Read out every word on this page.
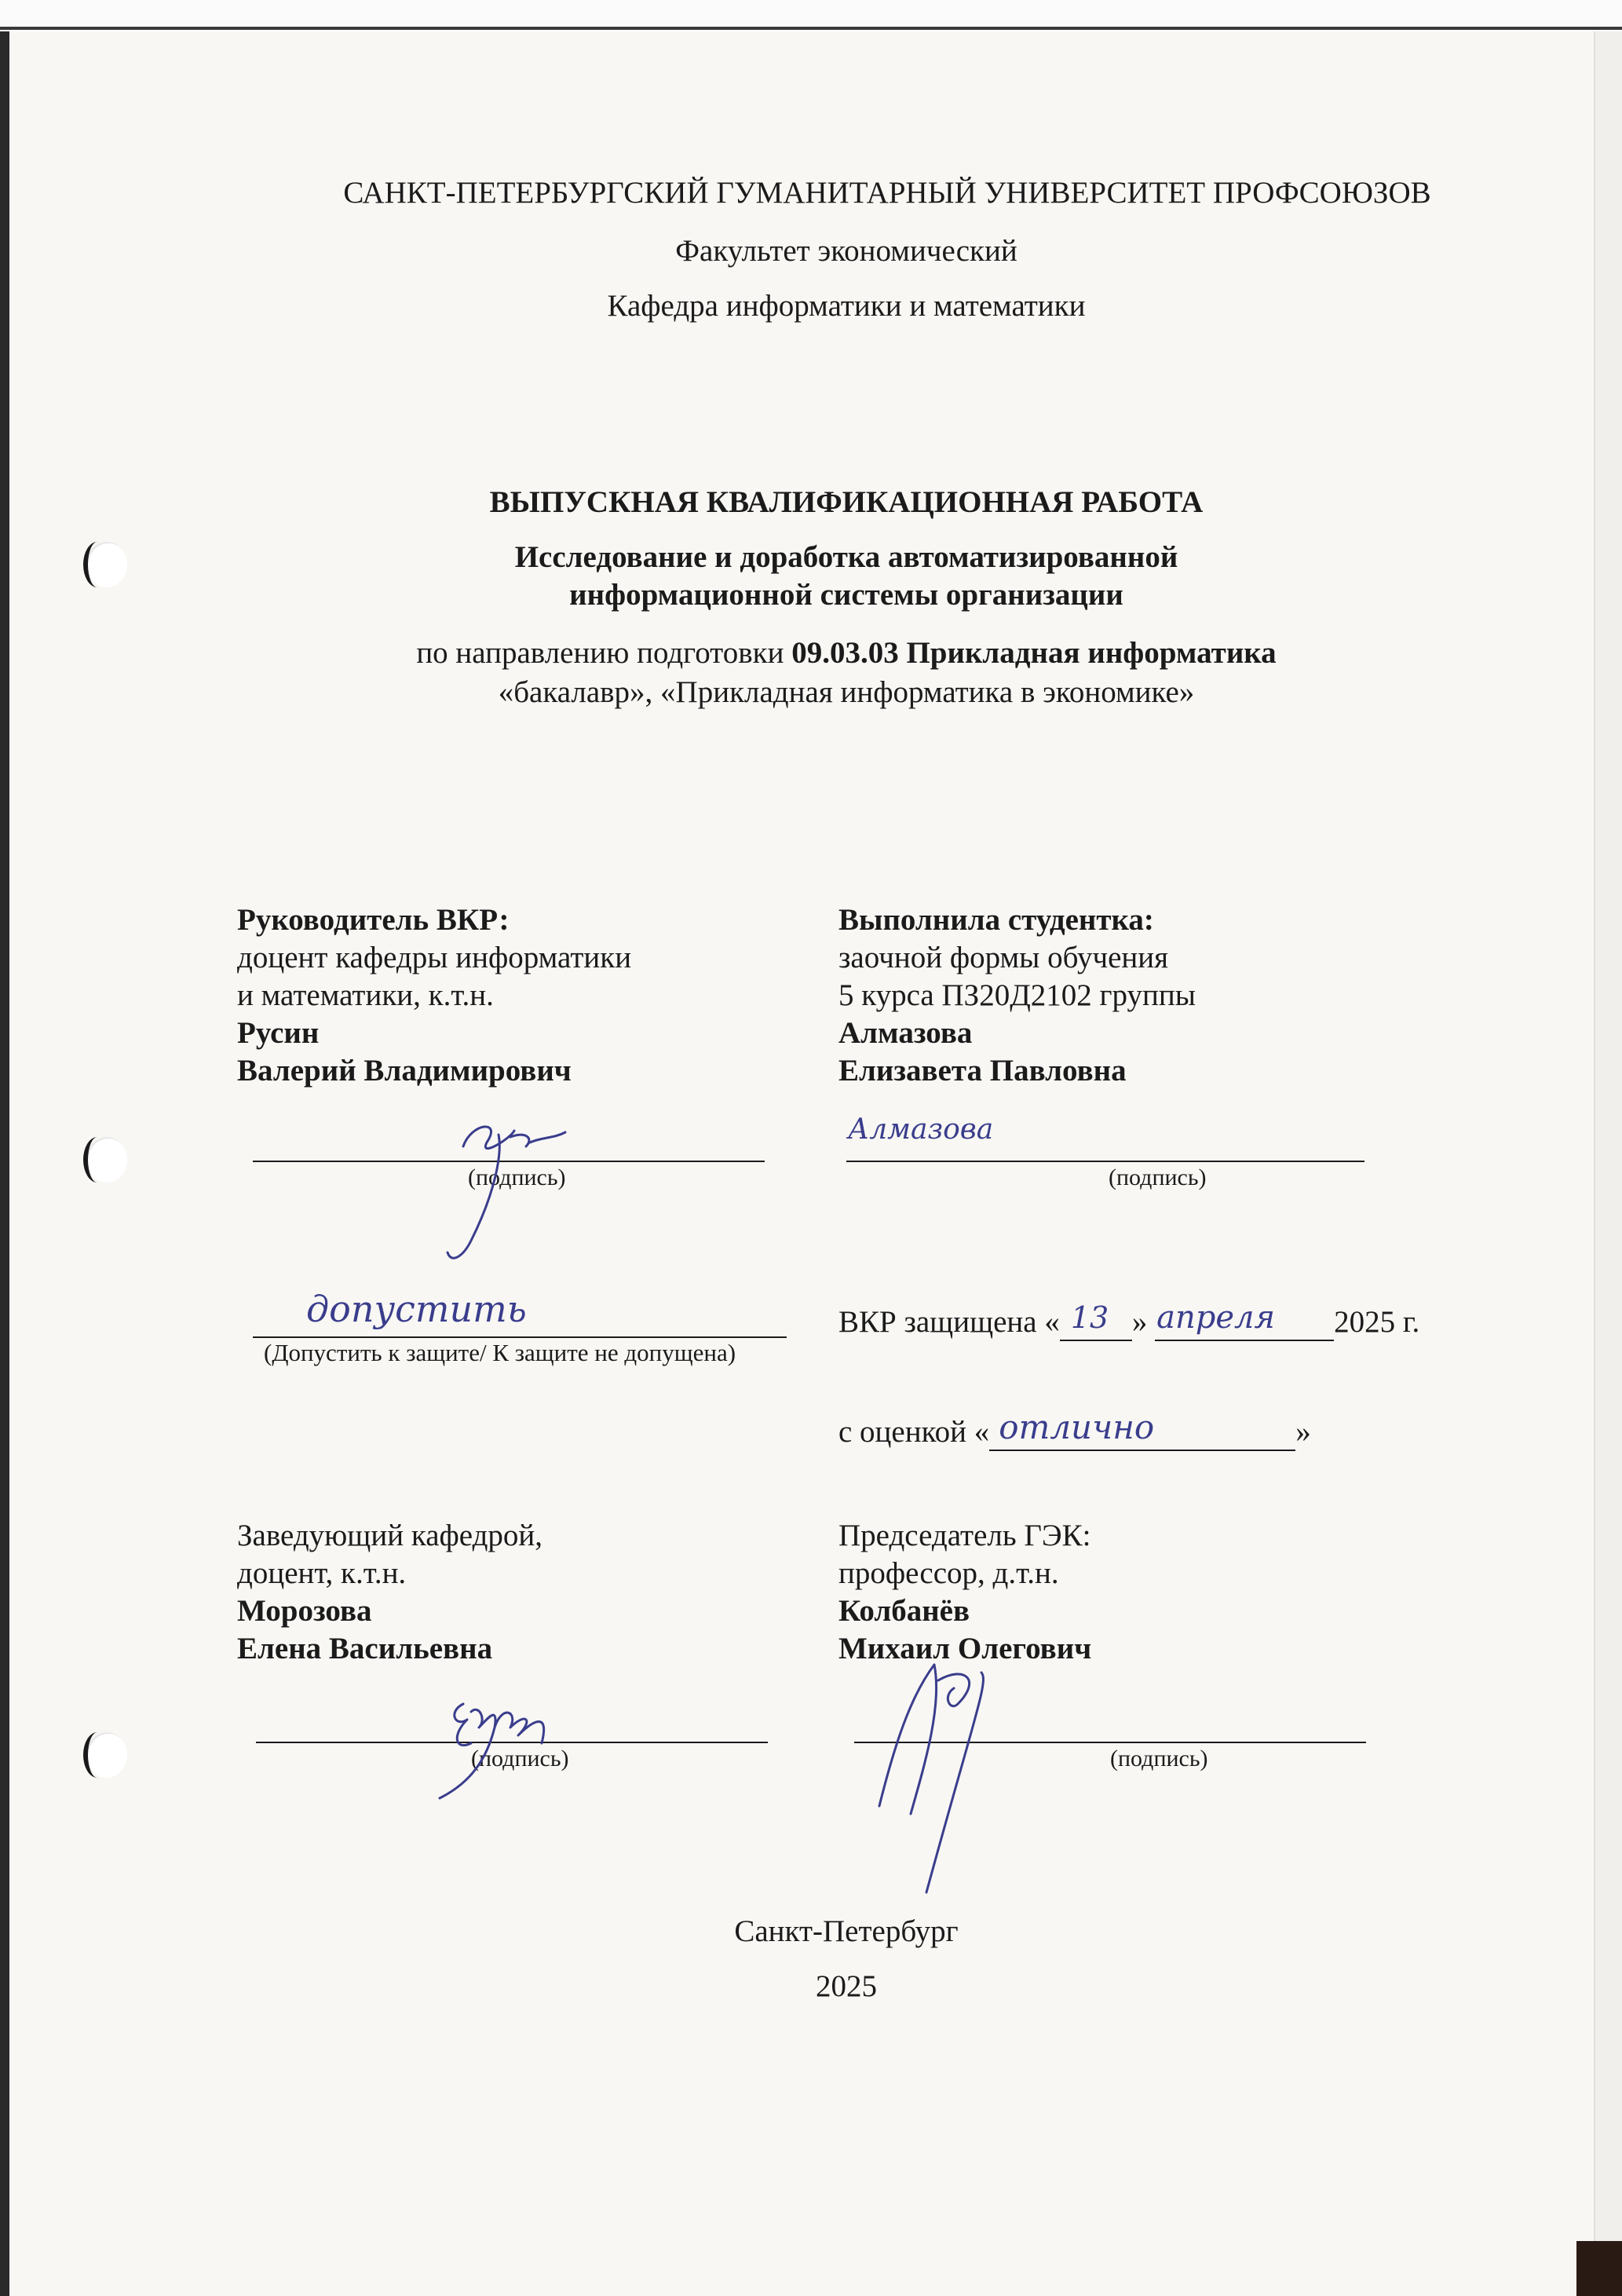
САНКТ-ПЕТЕРБУРГСКИЙ ГУМАНИТАРНЫЙ УНИВЕРСИТЕТ ПРОФСОЮЗОВ
Факультет экономический
Кафедра информатики и математики
ВЫПУСКНАЯ КВАЛИФИКАЦИОННАЯ РАБОТА
Исследование и доработка автоматизированной
информационной системы организации
по направлению подготовки 09.03.03 Прикладная информатика
«бакалавр», «Прикладная информатика в экономике»
Руководитель ВКР:
доцент кафедры информатики
и математики, к.т.н.
Русин
Валерий Владимирович
(подпись)
Выполнила студентка:
заочной формы обучения
5 курса ПЗ20Д2102 группы
Алмазова
Елизавета Павловна
(подпись)
Алмазова
допустить
(Допустить к защите/ К защите не допущена)
ВКР защищена « 13 » апреля 2025 г.
с оценкой « отлично	»
Заведующий кафедрой,
доцент, к.т.н.
Морозова
Елена Васильевна
(подпись)
Председатель ГЭК:
профессор, д.т.н.
Колбанёв
Михаил Олегович
(подпись)
Санкт-Петербург
2025
